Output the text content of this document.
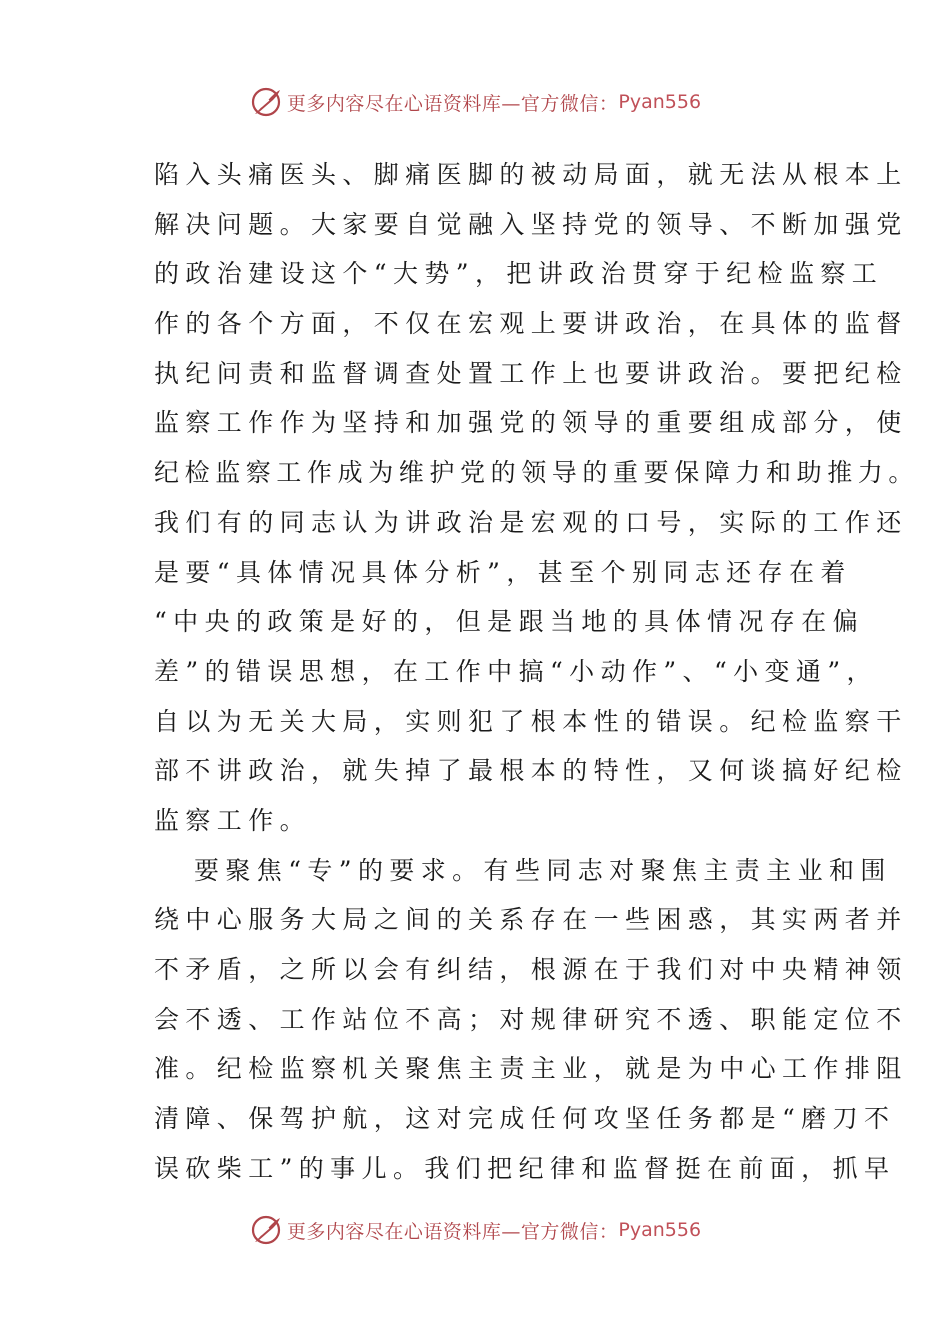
更多内容尽在心语资料库—官方微信： Pyan556
陷入头痛医头、脚痛医脚的被动局面，就无法从根本上
解决问题。大家要自觉融入坚持党的领导、不断加强党
的政治建设这个“大势”，把讲政治贯穿于纪检监察工
作的各个方面，不仅在宏观上要讲政治，在具体的监督
执纪问责和监督调查处置工作上也要讲政治。要把纪检
监察工作作为坚持和加强党的领导的重要组成部分，使
纪检监察工作成为维护党的领导的重要保障力和助推力。
我们有的同志认为讲政治是宏观的口号，实际的工作还
是要“具体情况具体分析”，甚至个别同志还存在着
“中央的政策是好的，但是跟当地的具体情况存在偏
差”的错误思想，在工作中搞“小动作”、“小变通”，
自以为无关大局，实则犯了根本性的错误。纪检监察干
部不讲政治，就失掉了最根本的特性，又何谈搞好纪检
监察工作。
要聚焦“专”的要求。有些同志对聚焦主责主业和围
绕中心服务大局之间的关系存在一些困惑，其实两者并
不矛盾，之所以会有纠结，根源在于我们对中央精神领
会不透、工作站位不高；对规律研究不透、职能定位不
准。纪检监察机关聚焦主责主业，就是为中心工作排阻
清障、保驾护航，这对完成任何攻坚任务都是“磨刀不
误砍柴工”的事儿。我们把纪律和监督挺在前面，抓早
更多内容尽在心语资料库—官方微信： Pyan556
